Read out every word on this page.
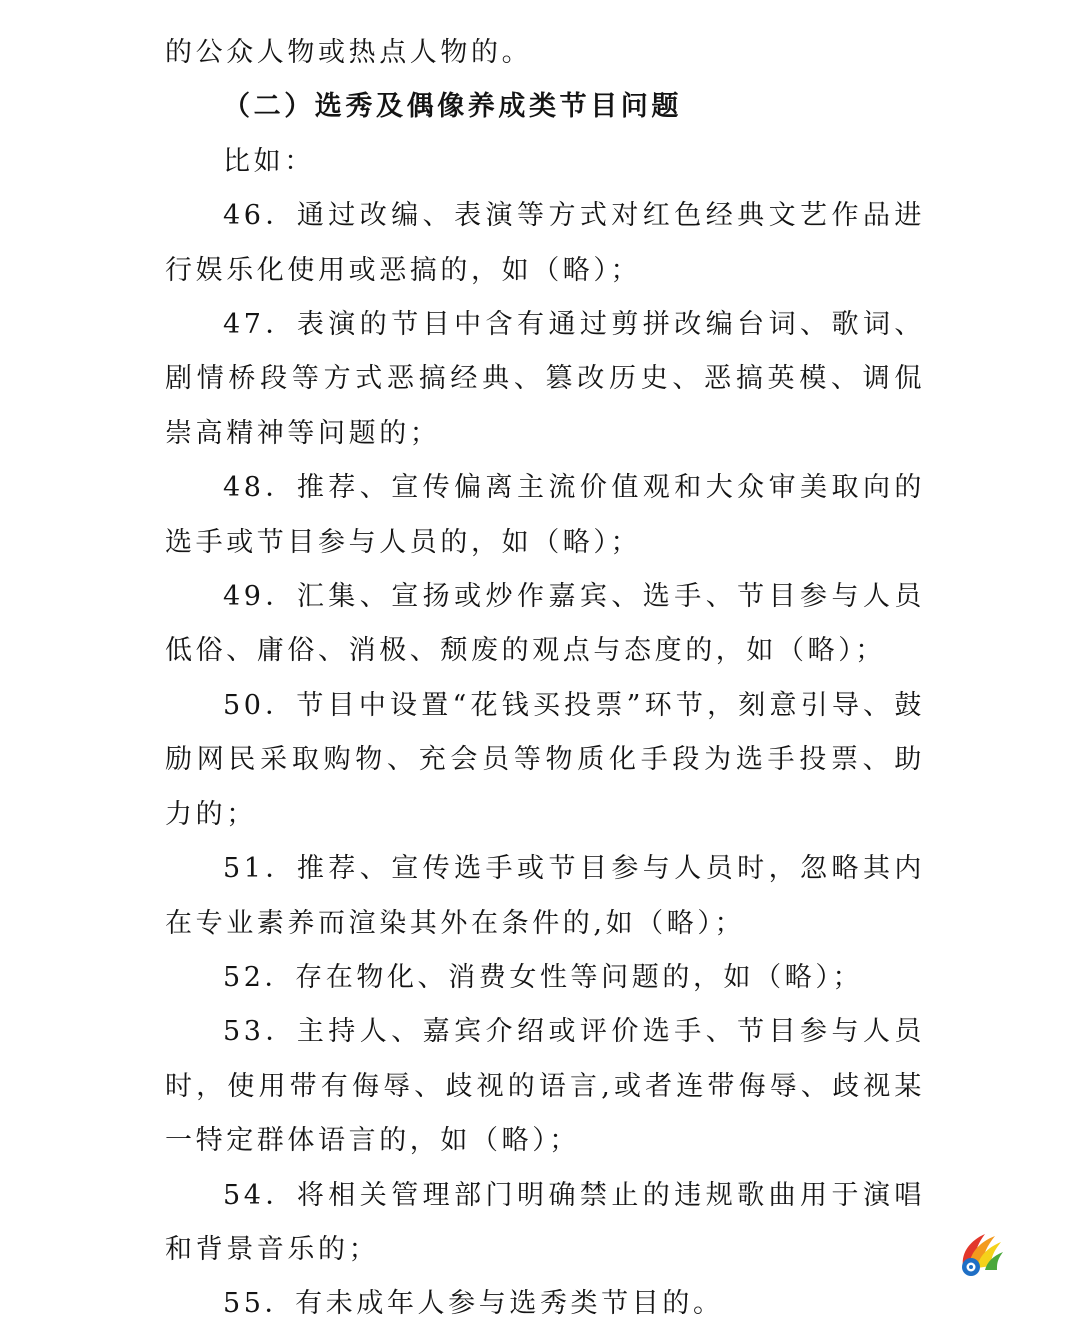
的公众人物或热点人物的。

（二）选秀及偶像养成类节目问题

比如：

46．通过改编、表演等方式对红色经典文艺作品进行娱乐化使用或恶搞的，如（略）；

47．表演的节目中含有通过剪拼改编台词、歌词、剧情桥段等方式恶搞经典、篡改历史、恶搞英模、调侃崇高精神等问题的；

48．推荐、宣传偏离主流价值观和大众审美取向的选手或节目参与人员的，如（略）；

49．汇集、宣扬或炒作嘉宾、选手、节目参与人员低俗、庸俗、消极、颓废的观点与态度的，如（略）；

50．节目中设置“花钱买投票”环节，刻意引导、鼓励网民采取购物、充会员等物质化手段为选手投票、助力的；

51．推荐、宣传选手或节目参与人员时，忽略其内在专业素养而渲染其外在条件的,如（略）；

52．存在物化、消费女性等问题的，如（略）；

53．主持人、嘉宾介绍或评价选手、节目参与人员时，使用带有侮辱、歧视的语言,或者连带侮辱、歧视某一特定群体语言的，如（略）；

54．将相关管理部门明确禁止的违规歌曲用于演唱和背景音乐的；

55．有未成年人参与选秀类节目的。
